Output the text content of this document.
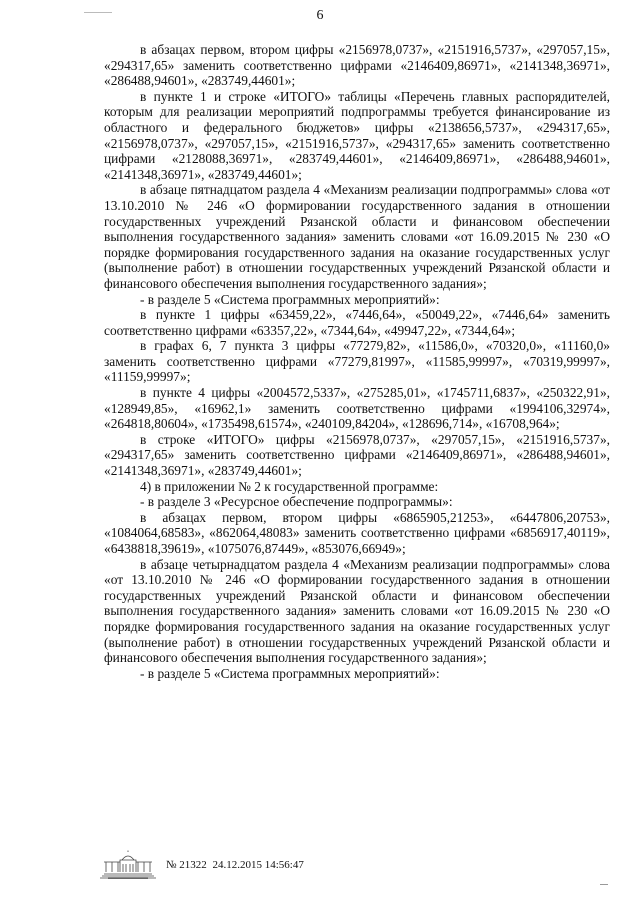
6

в абзацах первом, втором цифры «2156978,0737», «2151916,5737», «297057,15», «294317,65» заменить соответственно цифрами «2146409,86971», «2141348,36971», «286488,94601», «283749,44601»;

в пункте 1 и строке «ИТОГО» таблицы «Перечень главных распорядителей, которым для реализации мероприятий подпрограммы требуется финансирование из областного и федерального бюджетов» цифры «2138656,5737», «294317,65», «2156978,0737», «297057,15», «2151916,5737», «294317,65» заменить соответственно цифрами «2128088,36971», «283749,44601», «2146409,86971», «286488,94601», «2141348,36971», «283749,44601»;

в абзаце пятнадцатом раздела 4 «Механизм реализации подпрограммы» слова «от 13.10.2010 № 246 «О формировании государственного задания в отношении государственных учреждений Рязанской области и финансовом обеспечении выполнения государственного задания» заменить словами «от 16.09.2015 № 230 «О порядке формирования государственного задания на оказание государственных услуг (выполнение работ) в отношении государственных учреждений Рязанской области и финансового обеспечения выполнения государственного задания»;

- в разделе 5 «Система программных мероприятий»:

в пункте 1 цифры «63459,22», «7446,64», «50049,22», «7446,64» заменить соответственно цифрами «63357,22», «7344,64», «49947,22», «7344,64»;

в графах 6, 7 пункта 3 цифры «77279,82», «11586,0», «70320,0», «11160,0» заменить соответственно цифрами «77279,81997», «11585,99997», «70319,99997», «11159,99997»;

в пункте 4 цифры «2004572,5337», «275285,01», «1745711,6837», «250322,91», «128949,85», «16962,1» заменить соответственно цифрами «1994106,32974», «264818,80604», «1735498,61574», «240109,84204», «128696,714», «16708,964»;

в строке «ИТОГО» цифры «2156978,0737», «297057,15», «2151916,5737», «294317,65» заменить соответственно цифрами «2146409,86971», «286488,94601», «2141348,36971», «283749,44601»;

4) в приложении № 2 к государственной программе:

- в разделе 3 «Ресурсное обеспечение подпрограммы»:

в абзацах первом, втором цифры «6865905,21253», «6447806,20753», «1084064,68583», «862064,48083» заменить соответственно цифрами «6856917,40119», «6438818,39619», «1075076,87449», «853076,66949»;

в абзаце четырнадцатом раздела 4 «Механизм реализации подпрограммы» слова «от 13.10.2010 № 246 «О формировании государственного задания в отношении государственных учреждений Рязанской области и финансовом обеспечении выполнения государственного задания» заменить словами «от 16.09.2015 № 230 «О порядке формирования государственного задания на оказание государственных услуг (выполнение работ) в отношении государственных учреждений Рязанской области и финансового обеспечения выполнения государственного задания»;

- в разделе 5 «Система программных мероприятий»:

№ 21322 24.12.2015 14:56:47
